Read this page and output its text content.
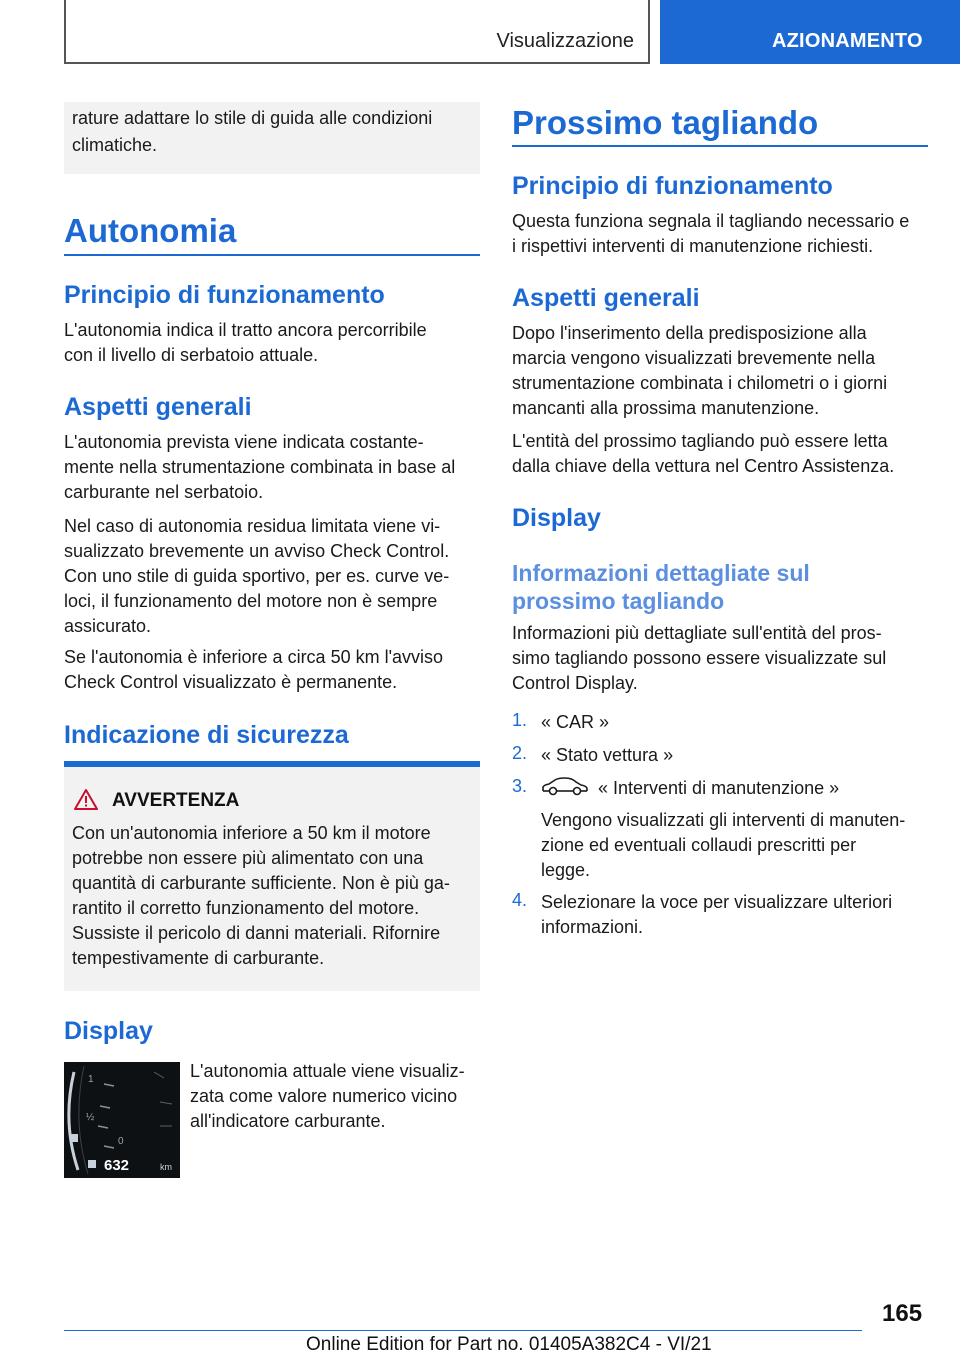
Visualizzazione	AZIONAMENTO
rature adattare lo stile di guida alle condizioni
climatiche.
Autonomia
Principio di funzionamento
L'autonomia indica il tratto ancora percorribile
con il livello di serbatoio attuale.
Aspetti generali
L'autonomia prevista viene indicata costante‐
mente nella strumentazione combinata in base al
carburante nel serbatoio.
Nel caso di autonomia residua limitata viene vi‐
sualizzato brevemente un avviso Check Control.
Con uno stile di guida sportivo, per es. curve ve‐
loci, il funzionamento del motore non è sempre
assicurato.
Se l'autonomia è inferiore a circa 50 km l'avviso
Check Control visualizzato è permanente.
Indicazione di sicurezza
AVVERTENZA
Con un'autonomia inferiore a 50 km il motore
potrebbe non essere più alimentato con una
quantità di carburante sufficiente. Non è più ga‐
rantito il corretto funzionamento del motore.
Sussiste il pericolo di danni materiali. Rifornire
tempestivamente di carburante.
Display
1
½
0
632	km
L'autonomia attuale viene visualiz‐
zata come valore numerico vicino
all'indicatore carburante.
Prossimo tagliando
Principio di funzionamento
Questa funziona segnala il tagliando necessario e
i rispettivi interventi di manutenzione richiesti.
Aspetti generali
Dopo l'inserimento della predisposizione alla
marcia vengono visualizzati brevemente nella
strumentazione combinata i chilometri o i giorni
mancanti alla prossima manutenzione.
L'entità del prossimo tagliando può essere letta
dalla chiave della vettura nel Centro Assistenza.
Display
Informazioni dettagliate sul
prossimo tagliando
Informazioni più dettagliate sull'entità del pros‐
simo tagliando possono essere visualizzate sul
Control Display.
1. « CAR »
2. « Stato vettura »
3.	« Interventi di manutenzione »
Vengono visualizzati gli interventi di manuten‐
zione ed eventuali collaudi prescritti per
legge.
4. Selezionare la voce per visualizzare ulteriori
informazioni.
165
Online Edition for Part no. 01405A382C4 - VI/21
